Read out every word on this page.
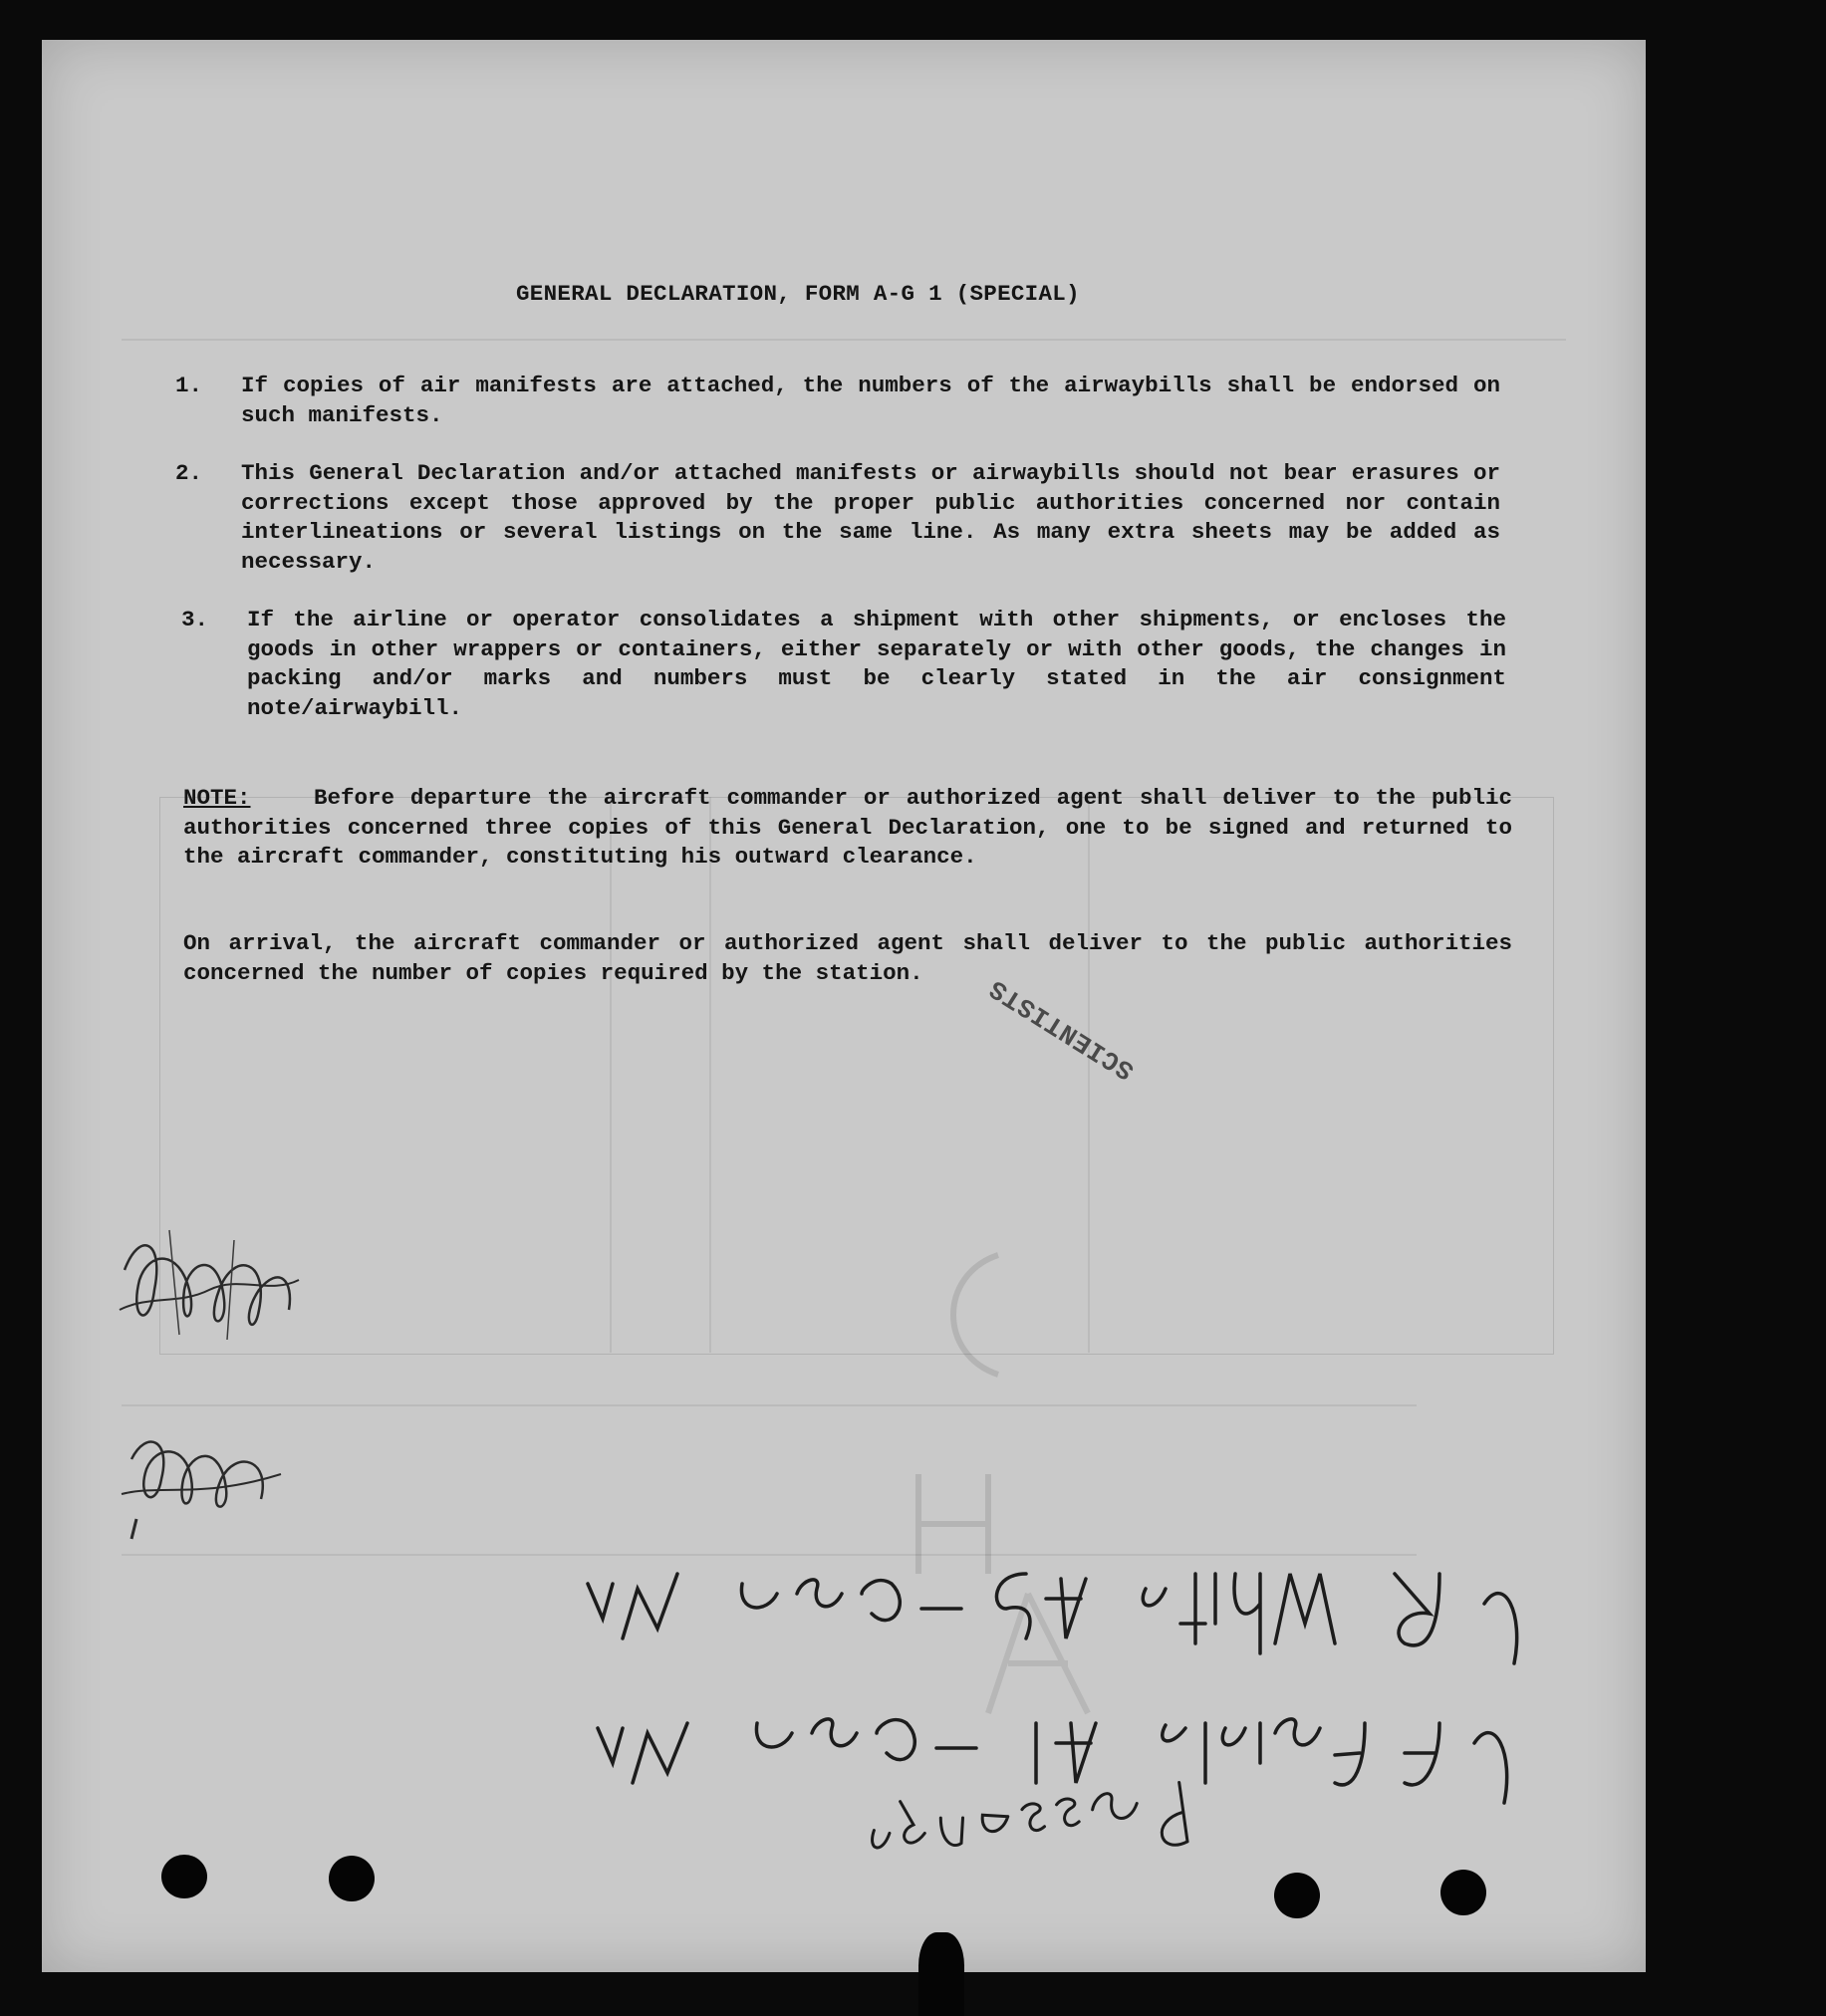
GENERAL DECLARATION, FORM A-G 1 (SPECIAL)
1.	If copies of air manifests are attached, the numbers of the airwaybills shall be endorsed on such manifests.
2.	This General Declaration and/or attached manifests or airwaybills should not bear erasures or corrections except those approved by the proper public authorities concerned nor contain interlineations or several listings on the same line. As many extra sheets may be added as necessary.
3.	If the airline or operator consolidates a shipment with other shipments, or encloses the goods in other wrappers or containers, either separately or with other goods, the changes in packing and/or marks and numbers must be clearly stated in the air consignment note/airwaybill.
NOTE:	Before departure the aircraft commander or authorized agent shall deliver to the public authorities concerned three copies of this General Declaration, one to be signed and returned to the aircraft commander, constituting his outward clearance.
On arrival, the aircraft commander or authorized agent shall deliver to the public authorities concerned the number of copies required by the station.
SCIENTISTS
